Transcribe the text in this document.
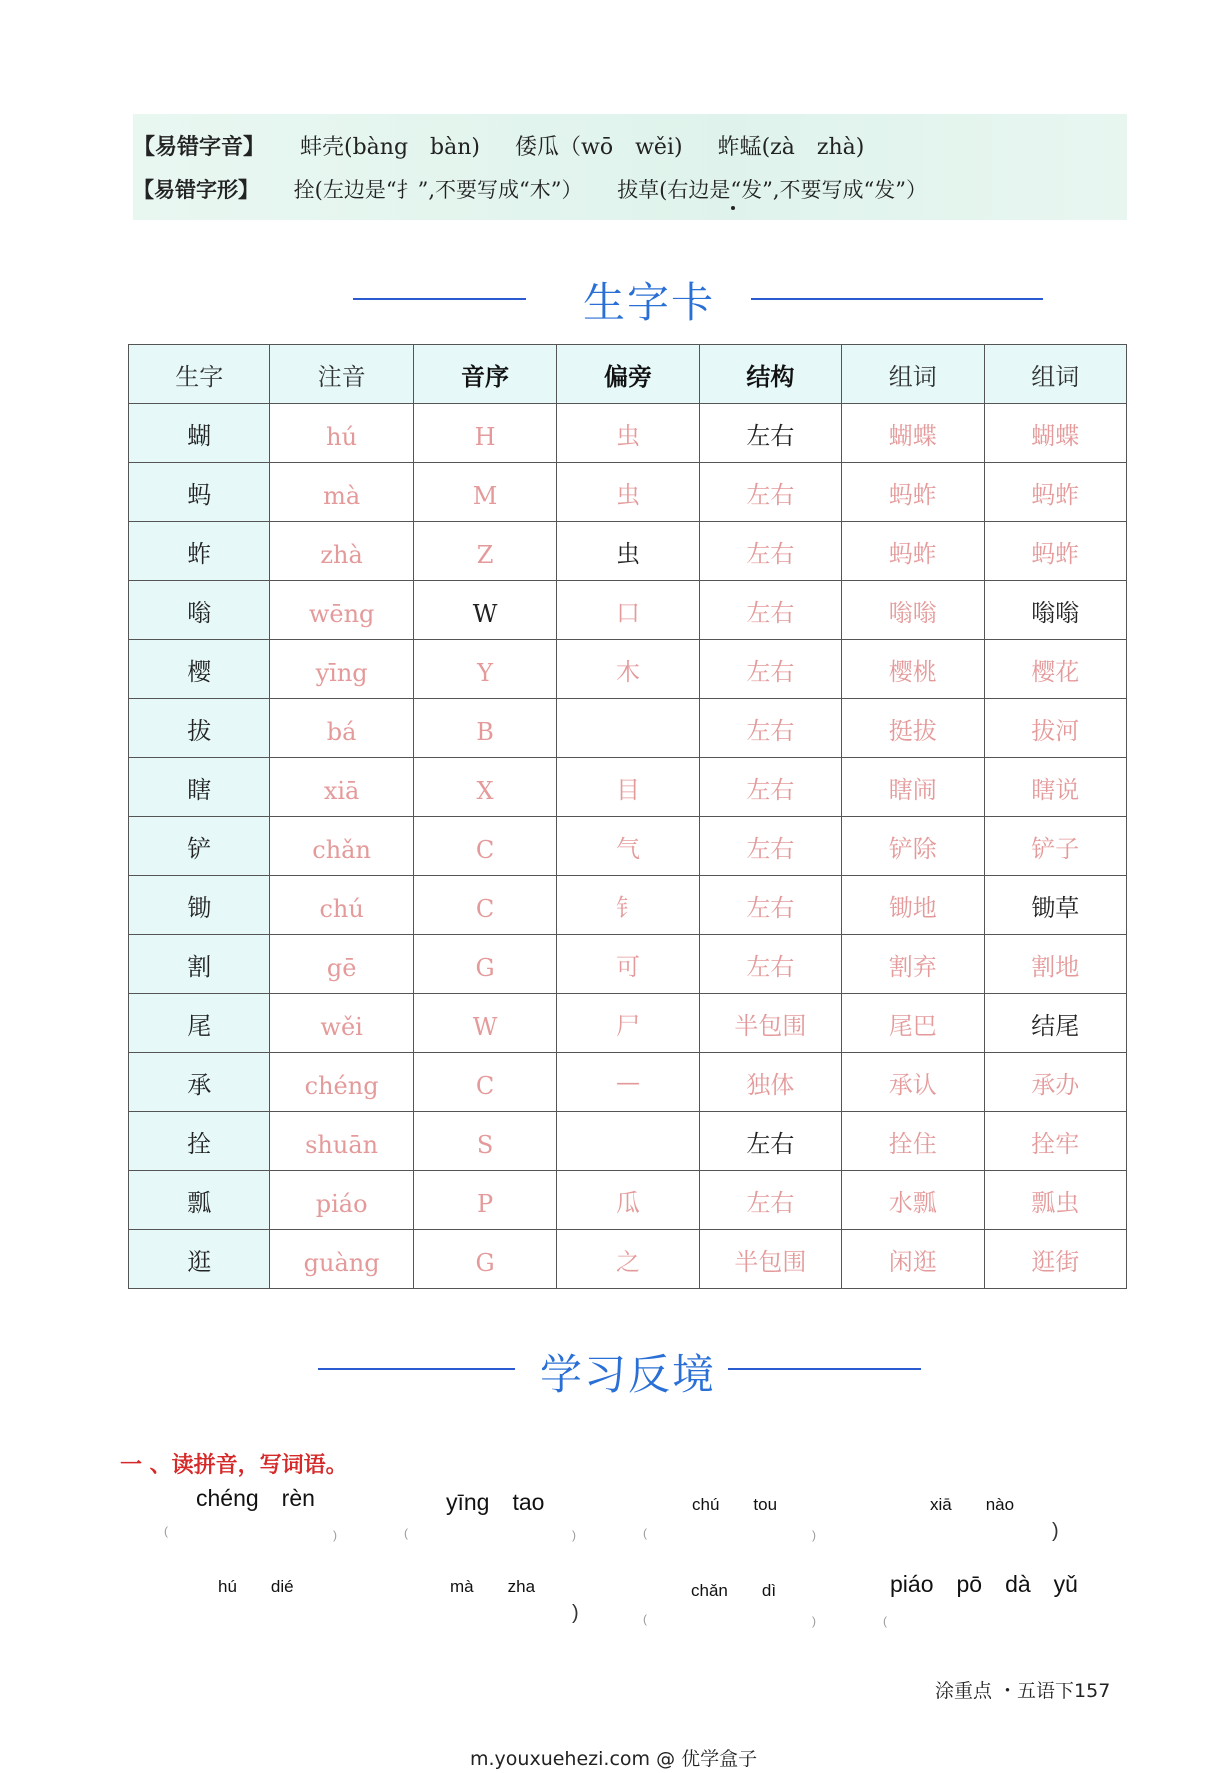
【易错字音】 蚌壳(bàng　bàn) 倭瓜（wō　wěi) 蚱蜢(zà　zhà)
【易错字形】 拴(左边是“扌”,不要写成“木”） 拔草(右边是“发”,不要写成“发”）
生字卡
生字	注音	音序	偏旁	结构	组词	组词
蝴	hú	H	虫	左右	蝴蝶	蝴蝶
蚂	mà	M	虫	左右	蚂蚱	蚂蚱
蚱	zhà	Z	虫	左右	蚂蚱	蚂蚱
嗡	wēng	W	口	左右	嗡嗡	嗡嗡
樱	yīng	Y	木	左右	樱桃	樱花
拔	bá	B		左右	挺拔	拔河
瞎	xiā	X	目	左右	瞎闹	瞎说
铲	chǎn	C	气	左右	铲除	铲子
锄	chú	C	钅	左右	锄地	锄草
割	gē	G	可	左右	割弃	割地
尾	wěi	W	尸	半包围	尾巴	结尾
承	chéng	C	—	独体	承认	承办
拴	shuān	S		左右	拴住	拴牢
瓢	piáo	P	瓜	左右	水瓢	瓢虫
逛	guàng	G	之	半包围	闲逛	逛街
学习反境
一 、读拼音，写词语。
chéng　rèn	yīng　tao	chú　　tou	xiā　　nào
(	)	(	)	(	)	)
hú　　dié	mà　　zha	chǎn　　dì	piáo　pō　dà　yǔ
)	(	)	(
涂重点 ・五语下157
m.youxuehezi.com @ 优学盒子
